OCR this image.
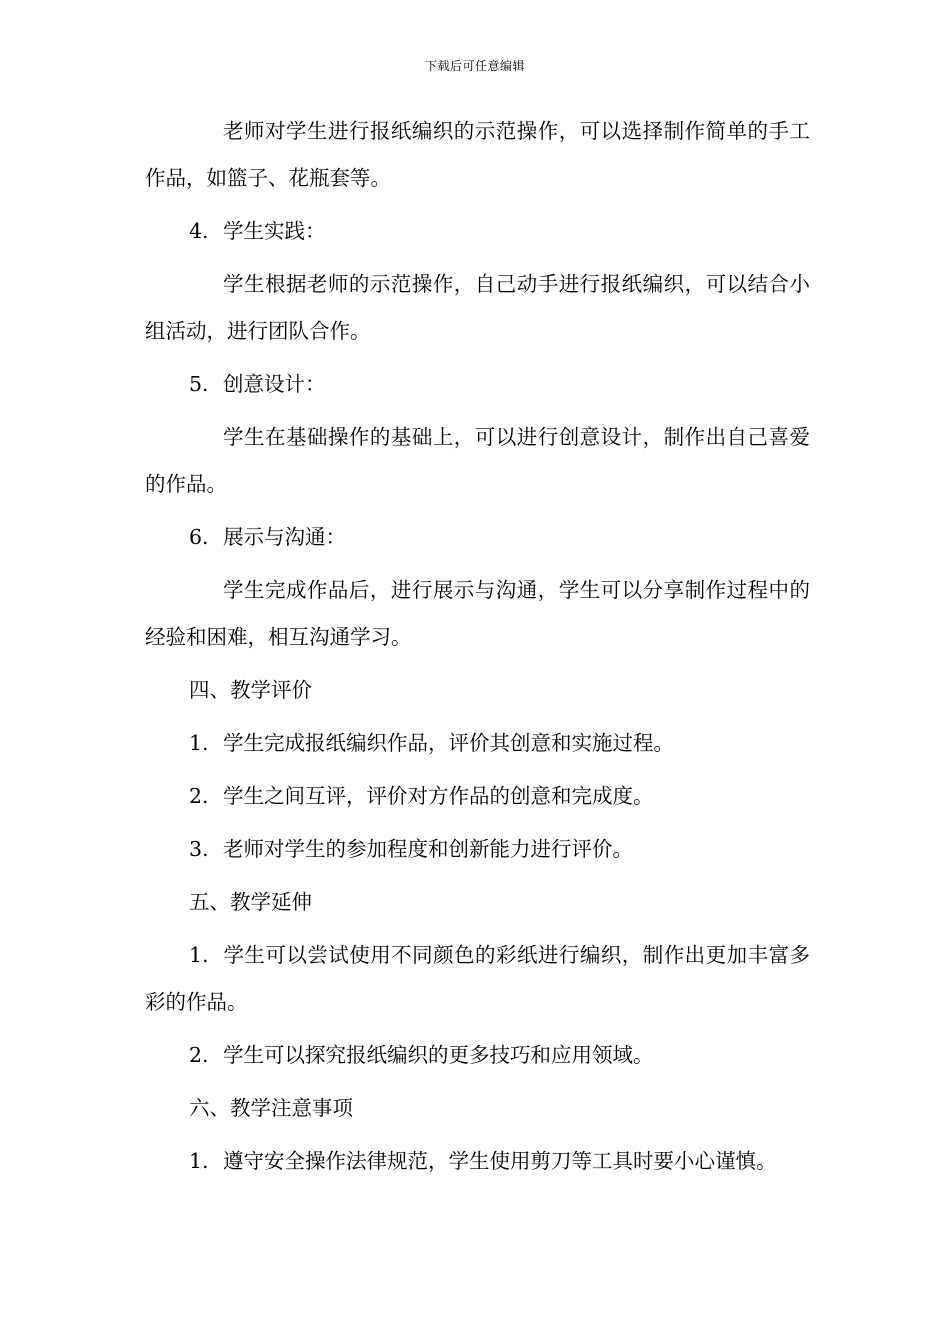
下载后可任意编辑

老师对学生进行报纸编织的示范操作，可以选择制作简单的手工作品，如篮子、花瓶套等。

4. 学生实践：

学生根据老师的示范操作，自己动手进行报纸编织，可以结合小组活动，进行团队合作。

5. 创意设计：

学生在基础操作的基础上，可以进行创意设计，制作出自己喜爱的作品。

6. 展示与沟通：

学生完成作品后，进行展示与沟通，学生可以分享制作过程中的经验和困难，相互沟通学习。

四、教学评价

1. 学生完成报纸编织作品，评价其创意和实施过程。

2. 学生之间互评，评价对方作品的创意和完成度。

3. 老师对学生的参加程度和创新能力进行评价。

五、教学延伸

1. 学生可以尝试使用不同颜色的彩纸进行编织，制作出更加丰富多彩的作品。

2. 学生可以探究报纸编织的更多技巧和应用领域。

六、教学注意事项

1. 遵守安全操作法律规范，学生使用剪刀等工具时要小心谨慎。
